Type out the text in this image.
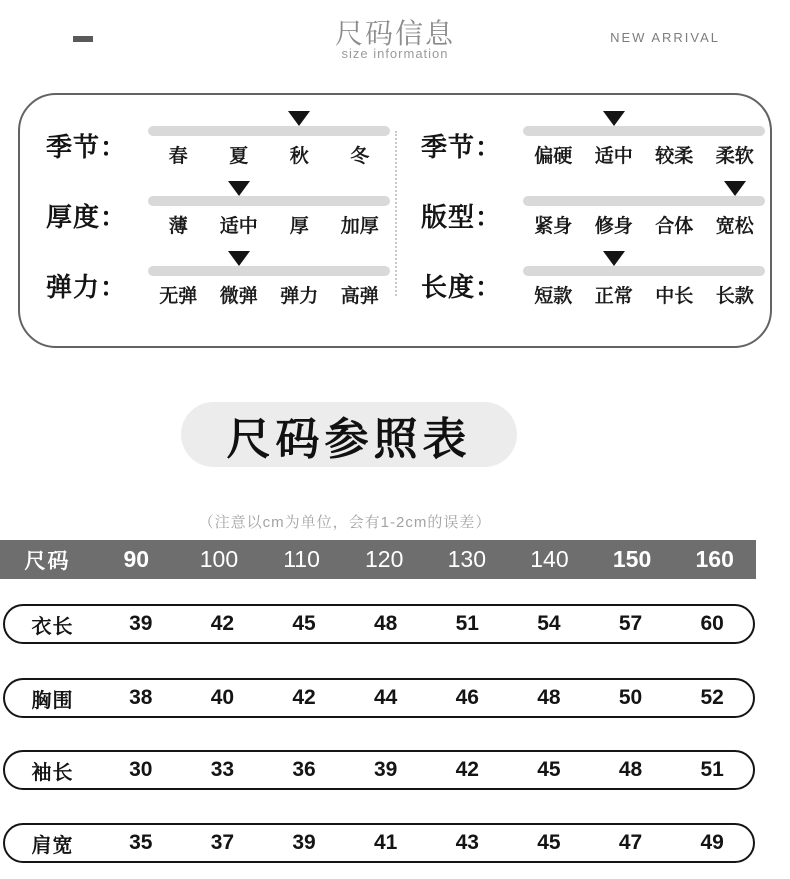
尺码信息
size information
NEW ARRIVAL
季节：	春	夏	秋	冬
厚度：	薄	适中	厚	加厚
弹力：	无弹	微弹	弹力	高弹
季节：	偏硬	适中	较柔	柔软
版型：	紧身	修身	合体	宽松
长度：	短款	正常	中长	长款
尺码参照表
（注意以cm为单位，会有1-2cm的误差）
尺码	90	100	110	120	130	140	150	160
衣长	39	42	45	48	51	54	57	60
胸围	38	40	42	44	46	48	50	52
袖长	30	33	36	39	42	45	48	51
肩宽	35	37	39	41	43	45	47	49
